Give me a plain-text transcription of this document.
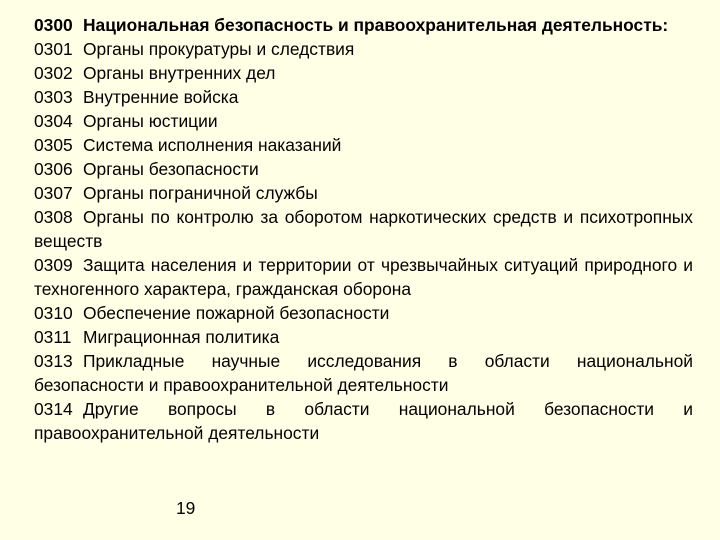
0300 Национальная безопасность и правоохранительная деятельность:
0301 Органы прокуратуры и следствия
0302 Органы внутренних дел
0303 Внутренние войска
0304 Органы юстиции
0305 Система исполнения наказаний
0306 Органы безопасности
0307 Органы пограничной службы
0308 Органы по контролю за оборотом наркотических средств и психотропных веществ
0309 Защита населения и территории от чрезвычайных ситуаций природного и техногенного характера, гражданская оборона
0310 Обеспечение пожарной безопасности
0311 Миграционная политика
0313 Прикладные научные исследования в области национальной безопасности и правоохранительной деятельности
0314 Другие вопросы в области национальной безопасности и правоохранительной деятельности
19
